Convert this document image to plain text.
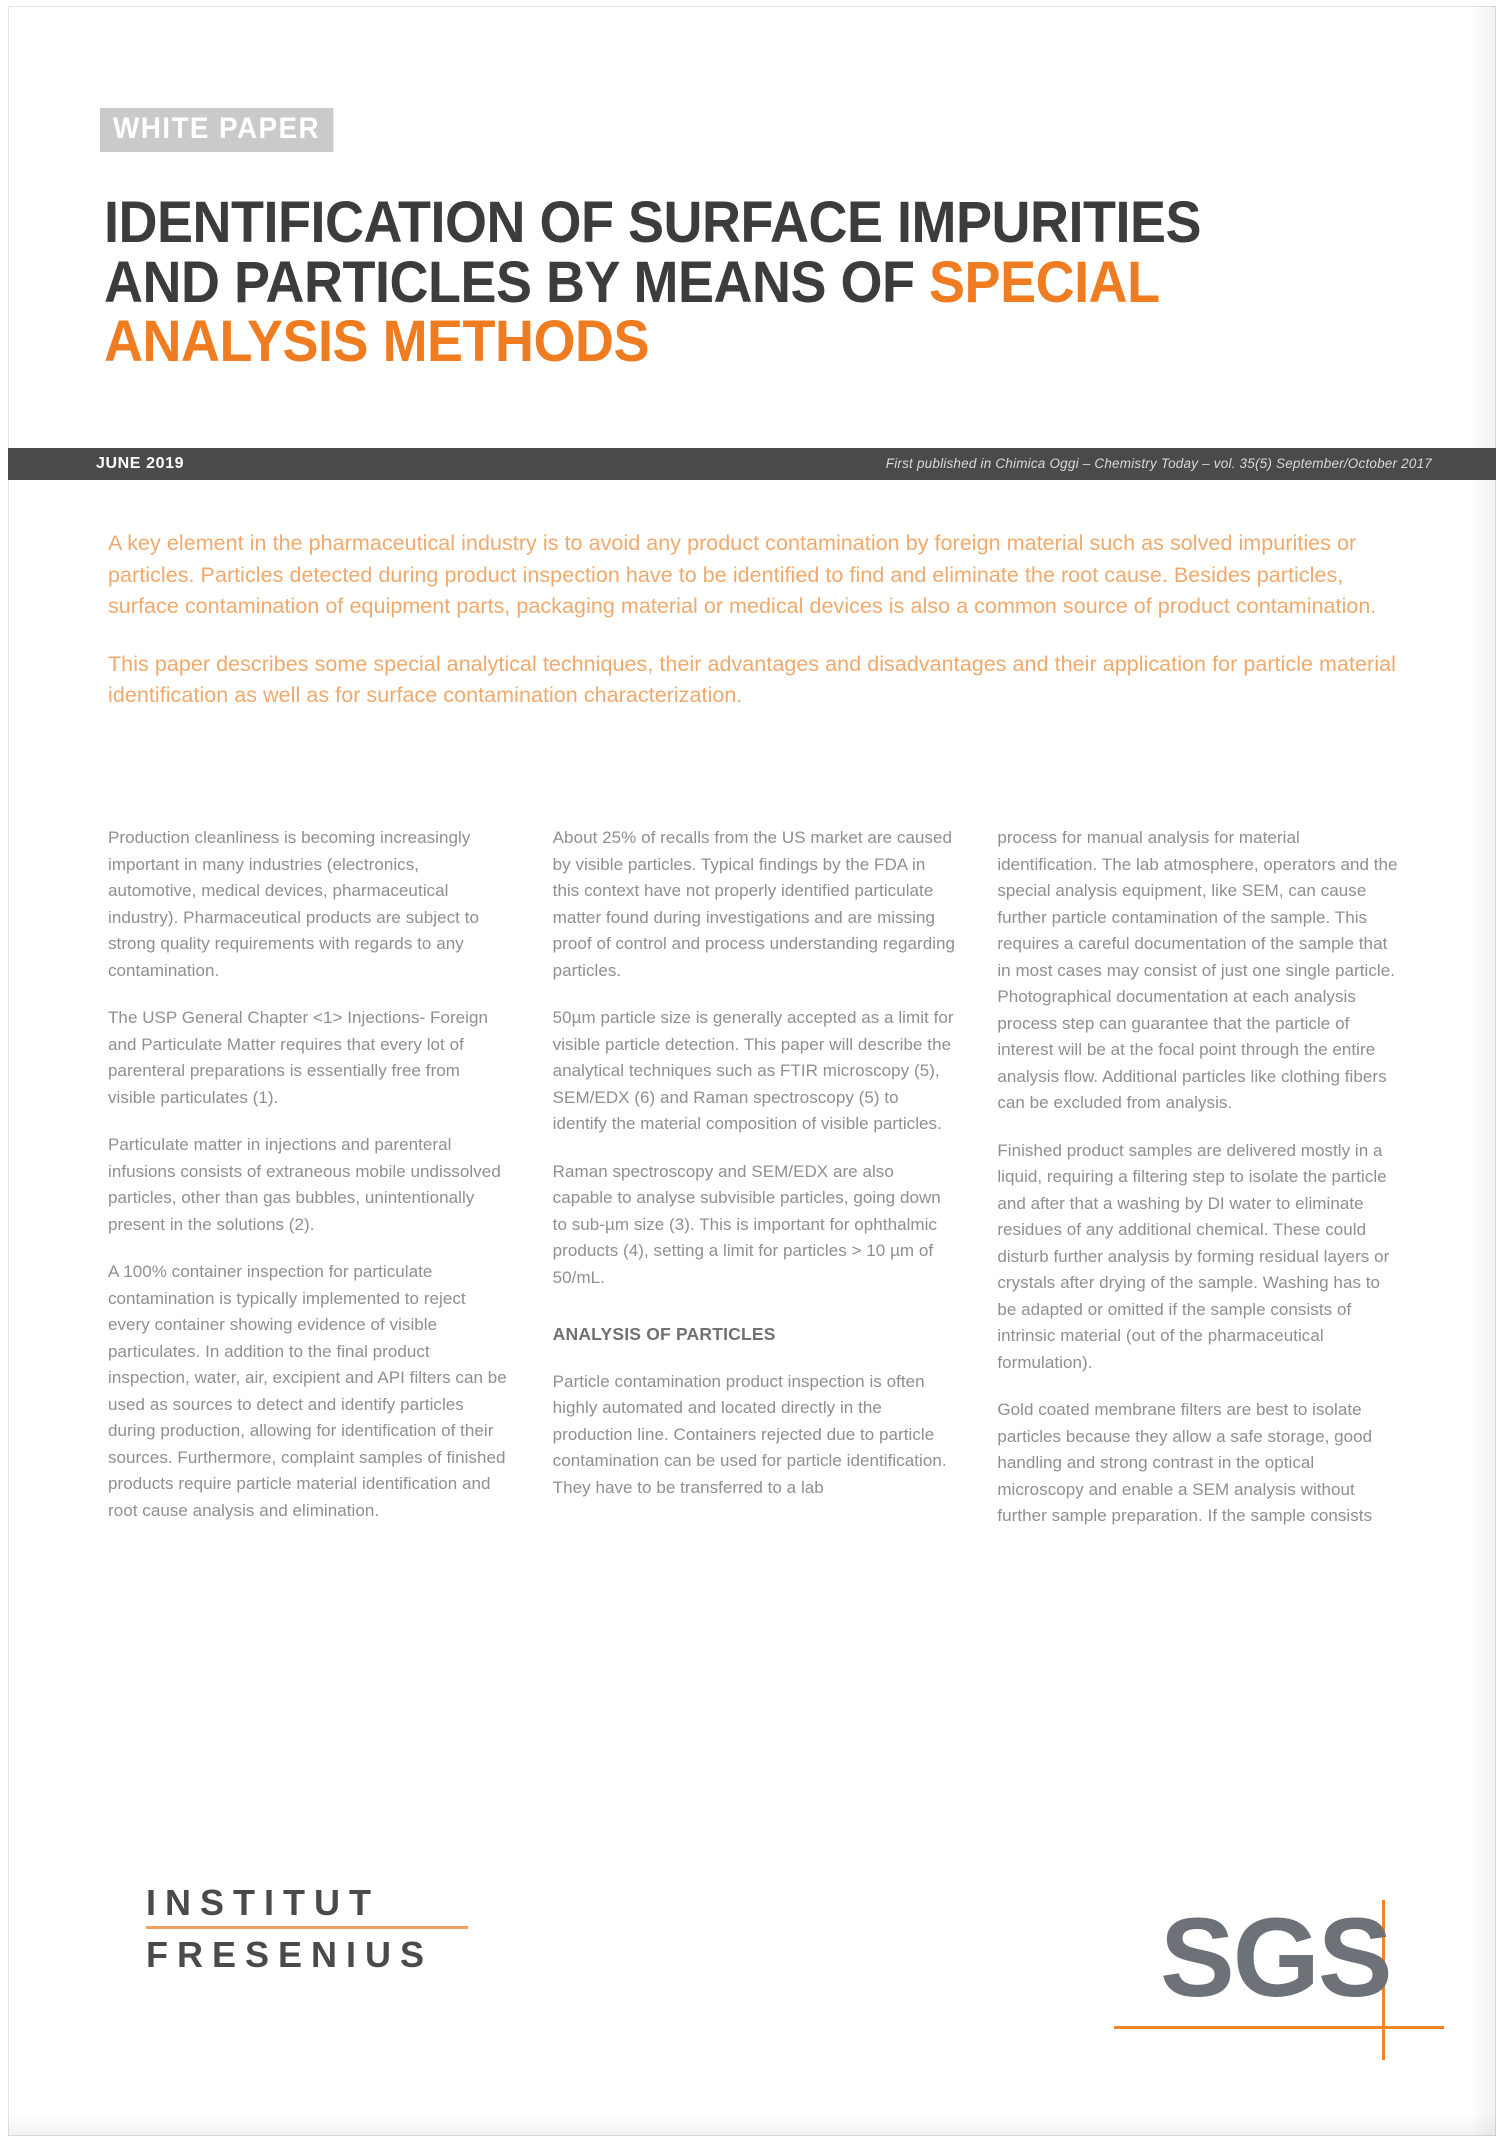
WHITE PAPER
IDENTIFICATION OF SURFACE IMPURITIES
AND PARTICLES BY MEANS OF SPECIAL
ANALYSIS METHODS
JUNE 2019	First published in Chimica Oggi – Chemistry Today – vol. 35(5) September/October 2017

A key element in the pharmaceutical industry is to avoid any product contamination by foreign material such as solved impurities or particles. Particles detected during product inspection have to be identified to find and eliminate the root cause. Besides particles, surface contamination of equipment parts, packaging material or medical devices is also a common source of product contamination.

This paper describes some special analytical techniques, their advantages and disadvantages and their application for particle material identification as well as for surface contamination characterization.

Production cleanliness is becoming increasingly important in many industries (electronics, automotive, medical devices, pharmaceutical industry). Pharmaceutical products are subject to strong quality requirements with regards to any contamination.

The USP General Chapter <1> Injections- Foreign and Particulate Matter requires that every lot of parenteral preparations is essentially free from visible particulates (1).

Particulate matter in injections and parenteral infusions consists of extraneous mobile undissolved particles, other than gas bubbles, unintentionally present in the solutions (2).

A 100% container inspection for particulate contamination is typically implemented to reject every container showing evidence of visible particulates. In addition to the final product inspection, water, air, excipient and API filters can be used as sources to detect and identify particles during production, allowing for identification of their sources. Furthermore, complaint samples of finished products require particle material identification and root cause analysis and elimination.

About 25% of recalls from the US market are caused by visible particles. Typical findings by the FDA in this context have not properly identified particulate matter found during investigations and are missing proof of control and process understanding regarding particles.

50µm particle size is generally accepted as a limit for visible particle detection. This paper will describe the analytical techniques such as FTIR microscopy (5), SEM/EDX (6) and Raman spectroscopy (5) to identify the material composition of visible particles.

Raman spectroscopy and SEM/EDX are also capable to analyse subvisible particles, going down to sub-µm size (3). This is important for ophthalmic products (4), setting a limit for particles > 10 µm of 50/mL.

ANALYSIS OF PARTICLES

Particle contamination product inspection is often highly automated and located directly in the production line. Containers rejected due to particle contamination can be used for particle identification. They have to be transferred to a lab

process for manual analysis for material identification. The lab atmosphere, operators and the special analysis equipment, like SEM, can cause further particle contamination of the sample. This requires a careful documentation of the sample that in most cases may consist of just one single particle. Photographical documentation at each analysis process step can guarantee that the particle of interest will be at the focal point through the entire analysis flow. Additional particles like clothing fibers can be excluded from analysis.

Finished product samples are delivered mostly in a liquid, requiring a filtering step to isolate the particle and after that a washing by DI water to eliminate residues of any additional chemical. These could disturb further analysis by forming residual layers or crystals after drying of the sample. Washing has to be adapted or omitted if the sample consists of intrinsic material (out of the pharmaceutical formulation).

Gold coated membrane filters are best to isolate particles because they allow a safe storage, good handling and strong contrast in the optical microscopy and enable a SEM analysis without further sample preparation. If the sample consists

INSTITUT
FRESENIUS	SGS
